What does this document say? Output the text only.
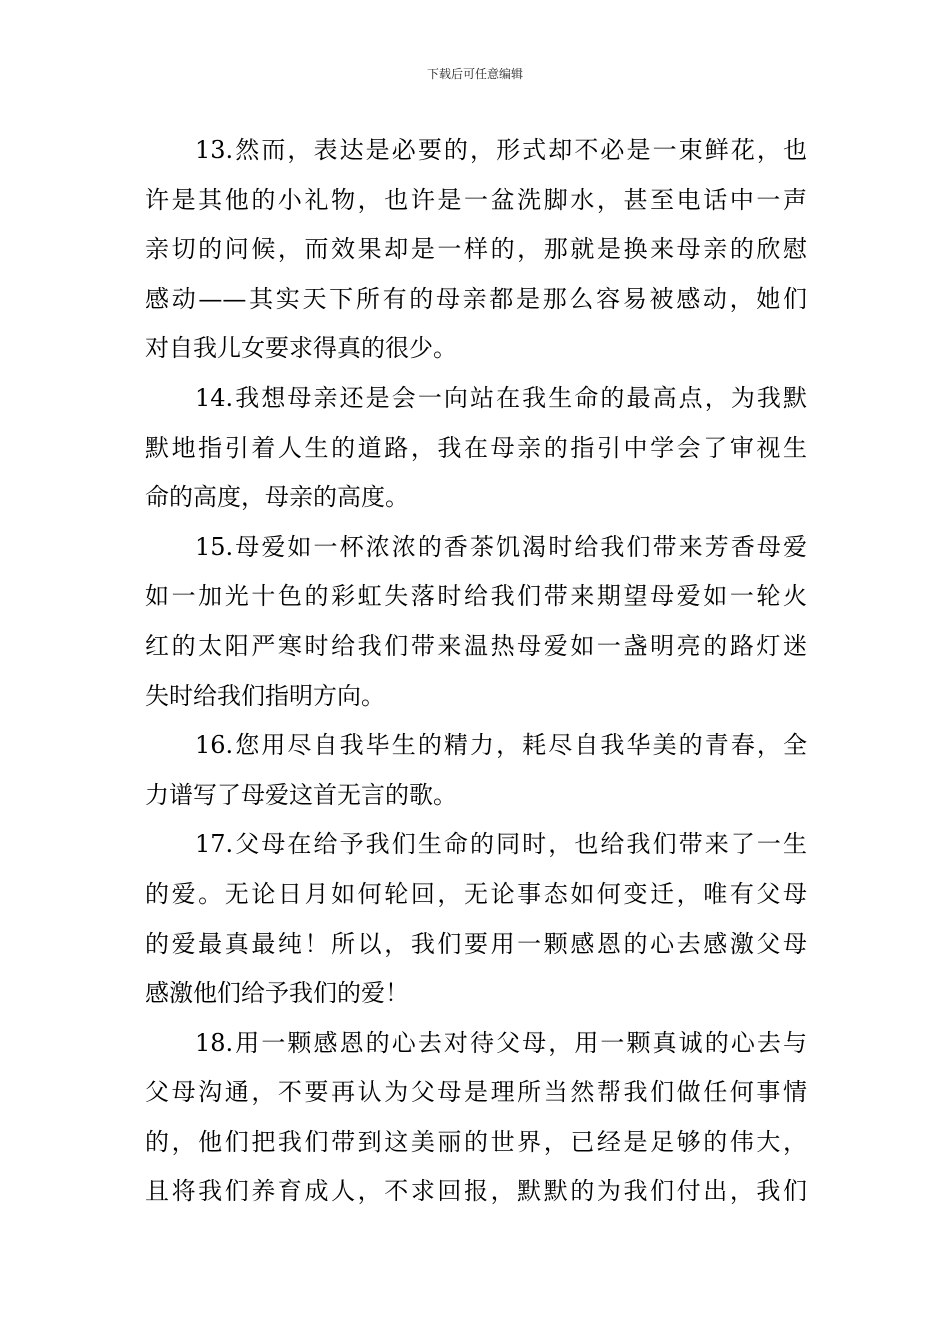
下载后可任意编辑
13.然而，表达是必要的，形式却不必是一束鲜花，也
许是其他的小礼物，也许是一盆洗脚水，甚至电话中一声
亲切的问候，而效果却是一样的，那就是换来母亲的欣慰
感动——其实天下所有的母亲都是那么容易被感动，她们
对自我儿女要求得真的很少。
14.我想母亲还是会一向站在我生命的最高点，为我默
默地指引着人生的道路，我在母亲的指引中学会了审视生
命的高度，母亲的高度。
15.母爱如一杯浓浓的香茶饥渴时给我们带来芳香母爱
如一加光十色的彩虹失落时给我们带来期望母爱如一轮火
红的太阳严寒时给我们带来温热母爱如一盏明亮的路灯迷
失时给我们指明方向。
16.您用尽自我毕生的精力，耗尽自我华美的青春，全
力谱写了母爱这首无言的歌。
17.父母在给予我们生命的同时，也给我们带来了一生
的爱。无论日月如何轮回，无论事态如何变迁，唯有父母
的爱最真最纯！所以，我们要用一颗感恩的心去感激父母
感激他们给予我们的爱！
18.用一颗感恩的心去对待父母，用一颗真诚的心去与
父母沟通，不要再认为父母是理所当然帮我们做任何事情
的，他们把我们带到这美丽的世界，已经是足够的伟大，
且将我们养育成人，不求回报，默默的为我们付出，我们
